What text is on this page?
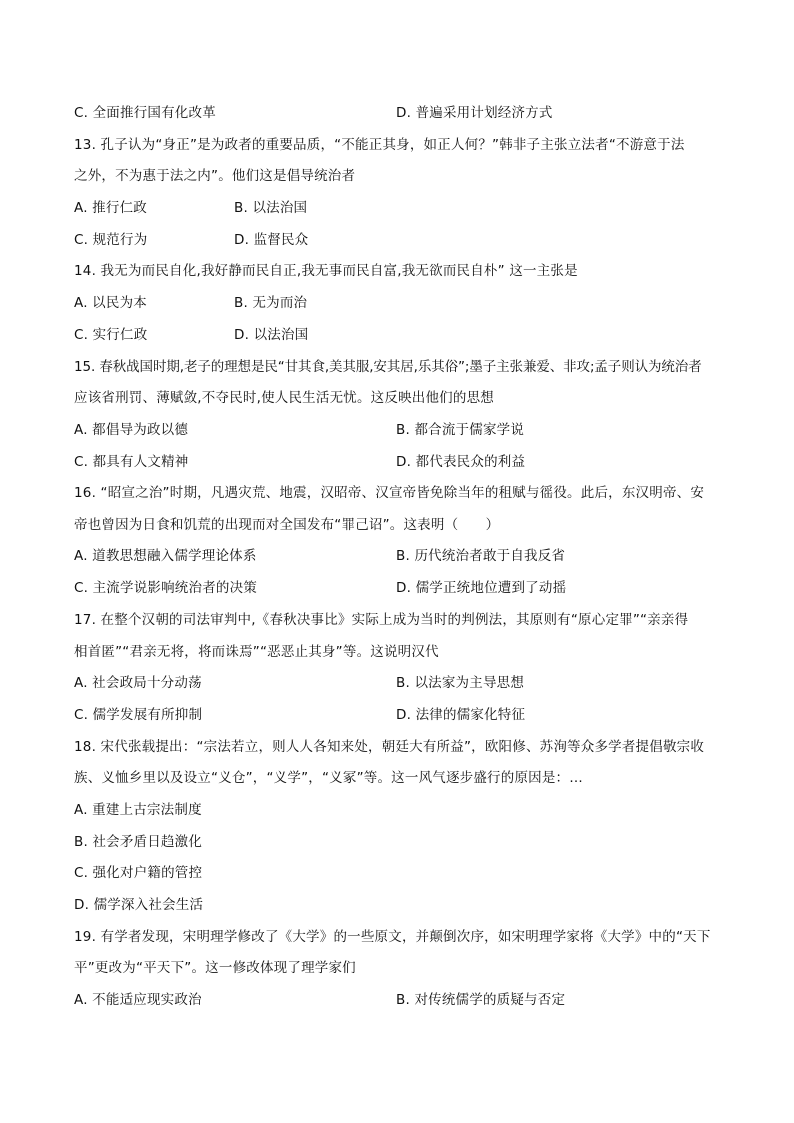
C. 全面推行国有化改革	D. 普遍采用计划经济方式
13. 孔子认为“身正”是为政者的重要品质，“不能正其身，如正人何？”韩非子主张立法者“不游意于法
之外，不为惠于法之内”。他们这是倡导统治者
A. 推行仁政	B. 以法治国
C. 规范行为	D. 监督民众
14. 我无为而民自化,我好静而民自正,我无事而民自富,我无欲而民自朴” 这一主张是
A. 以民为本	B. 无为而治
C. 实行仁政	D. 以法治国
15. 春秋战国时期,老子的理想是民“甘其食,美其服,安其居,乐其俗”;墨子主张兼爱、非攻;孟子则认为统治者
应该省刑罚、薄赋敛,不夺民时,使人民生活无忧。这反映出他们的思想
A. 都倡导为政以德	B. 都合流于儒家学说
C. 都具有人文精神	D. 都代表民众的利益
16. “昭宣之治”时期，凡遇灾荒、地震，汉昭帝、汉宣帝皆免除当年的租赋与徭役。此后，东汉明帝、安
帝也曾因为日食和饥荒的出现而对全国发布“罪己诏”。这表明（　　）
A. 道教思想融入儒学理论体系	B. 历代统治者敢于自我反省
C. 主流学说影响统治者的决策	D. 儒学正统地位遭到了动摇
17. 在整个汉朝的司法审判中,《春秋决事比》实际上成为当时的判例法，其原则有“原心定罪”“亲亲得
相首匿”“君亲无将，将而诛焉”“恶恶止其身”等。这说明汉代
A. 社会政局十分动荡	B. 以法家为主导思想
C. 儒学发展有所抑制	D. 法律的儒家化特征
18. 宋代张载提出：“宗法若立，则人人各知来处，朝廷大有所益”，欧阳修、苏洵等众多学者提倡敬宗收
族、义恤乡里以及设立“义仓”，“义学”，“义冢”等。这一风气逐步盛行的原因是：…
A. 重建上古宗法制度
B. 社会矛盾日趋激化
C. 强化对户籍的管控
D. 儒学深入社会生活
19. 有学者发现，宋明理学修改了《大学》的一些原文，并颠倒次序，如宋明理学家将《大学》中的“天下
平”更改为“平天下”。这一修改体现了理学家们
A. 不能适应现实政治	B. 对传统儒学的质疑与否定
